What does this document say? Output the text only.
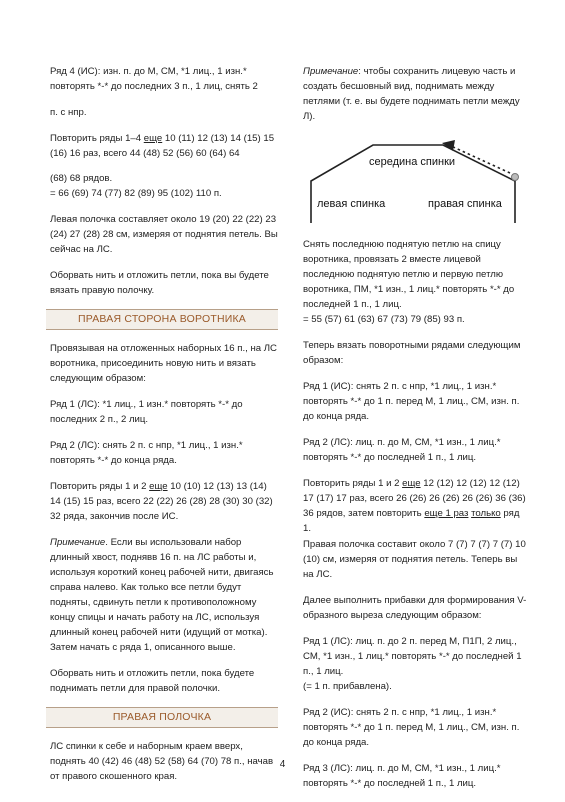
Ряд 4 (ИС): изн. п. до М, СМ, *1 лиц., 1 изн.* повторять *-* до последних 3 п., 1 лиц, снять 2

п. с нпр.

Повторить ряды 1–4 еще 10 (11) 12 (13) 14 (15) 15 (16) 16 раз, всего 44 (48) 52 (56) 60 (64) 64

(68) 68 рядов.
= 66 (69) 74 (77) 82 (89) 95 (102) 110 п.

Левая полочка составляет около 19 (20) 22 (22) 23 (24) 27 (28) 28 см, измеряя от поднятия петель. Вы сейчас на ЛС.

Оборвать нить и отложить петли, пока вы будете вязать правую полочку.

ПРАВАЯ СТОРОНА ВОРОТНИКА

Провязывая на отложенных наборных 16 п., на ЛС воротника, присоединить новую нить и вязать следующим образом:

Ряд 1 (ЛС): *1 лиц., 1 изн.* повторять *-* до последних 2 п., 2 лиц.

Ряд 2 (ЛС): снять 2 п. с нпр, *1 лиц., 1 изн.* повторять *-* до конца ряда.

Повторить ряды 1 и 2 еще 10 (10) 12 (13) 13 (14) 14 (15) 15 раз, всего 22 (22) 26 (28) 28 (30) 30 (32) 32 ряда, закончив после ИС.

Примечание. Если вы использовали набор длинный хвост, поднявв 16 п. на ЛС работы и, используя короткий конец рабочей нити, двигаясь справа налево. Как только все петли будут подняты, сдвинуть петли к противоположному концу спицы и начать работу на ЛС, используя длинный конец рабочей нити (идущий от мотка). Затем начать с ряда 1, описанного выше.

Оборвать нить и отложить петли, пока будете поднимать петли для правой полочки.

ПРАВАЯ ПОЛОЧКА

ЛС спинки к себе и наборным краем вверх, поднять 40 (42) 46 (48) 52 (58) 64 (70) 78 п., начав от правого скошенного края.

Примечание: чтобы сохранить лицевую часть и создать бесшовный вид, поднимать между петлями (т. е. вы будете поднимать петли между Л).

середина спинки
левая спинка	правая спинка

Снять последнюю поднятую петлю на спицу воротника, провязать 2 вместе лицевой последнюю поднятую петлю и первую петлю воротника, ПМ, *1 изн., 1 лиц.* повторять *-* до последней 1 п., 1 лиц.
= 55 (57) 61 (63) 67 (73) 79 (85) 93 п.

Теперь вязать поворотными рядами следующим образом:

Ряд 1 (ИС): снять 2 п. с нпр, *1 лиц., 1 изн.* повторять *-* до 1 п. перед М, 1 лиц., СМ, изн. п. до конца ряда.

Ряд 2 (ЛС): лиц. п. до М, СМ, *1 изн., 1 лиц.* повторять *-* до последней 1 п., 1 лиц.

Повторить ряды 1 и 2 еще 12 (12) 12 (12) 12 (12) 17 (17) 17 раз, всего 26 (26) 26 (26) 26 (26) 36 (36) 36 рядов, затем повторить еще 1 раз только ряд 1.

Правая полочка составит около 7 (7) 7 (7) 7 (7) 10 (10) см, измеряя от поднятия петель. Теперь вы на ЛС.

Далее выполнить прибавки для формирования V-образного выреза следующим образом:

Ряд 1 (ЛС): лиц. п. до 2 п. перед М, П1П, 2 лиц., СМ, *1 изн., 1 лиц.* повторять *-* до последней 1 п., 1 лиц.
(= 1 п. прибавлена).

Ряд 2 (ИС): снять 2 п. с нпр, *1 лиц., 1 изн.* повторять *-* до 1 п. перед М, 1 лиц., СМ, изн. п. до конца ряда.

Ряд 3 (ЛС): лиц. п. до М, СМ, *1 изн., 1 лиц.* повторять *-* до последней 1 п., 1 лиц.

4
